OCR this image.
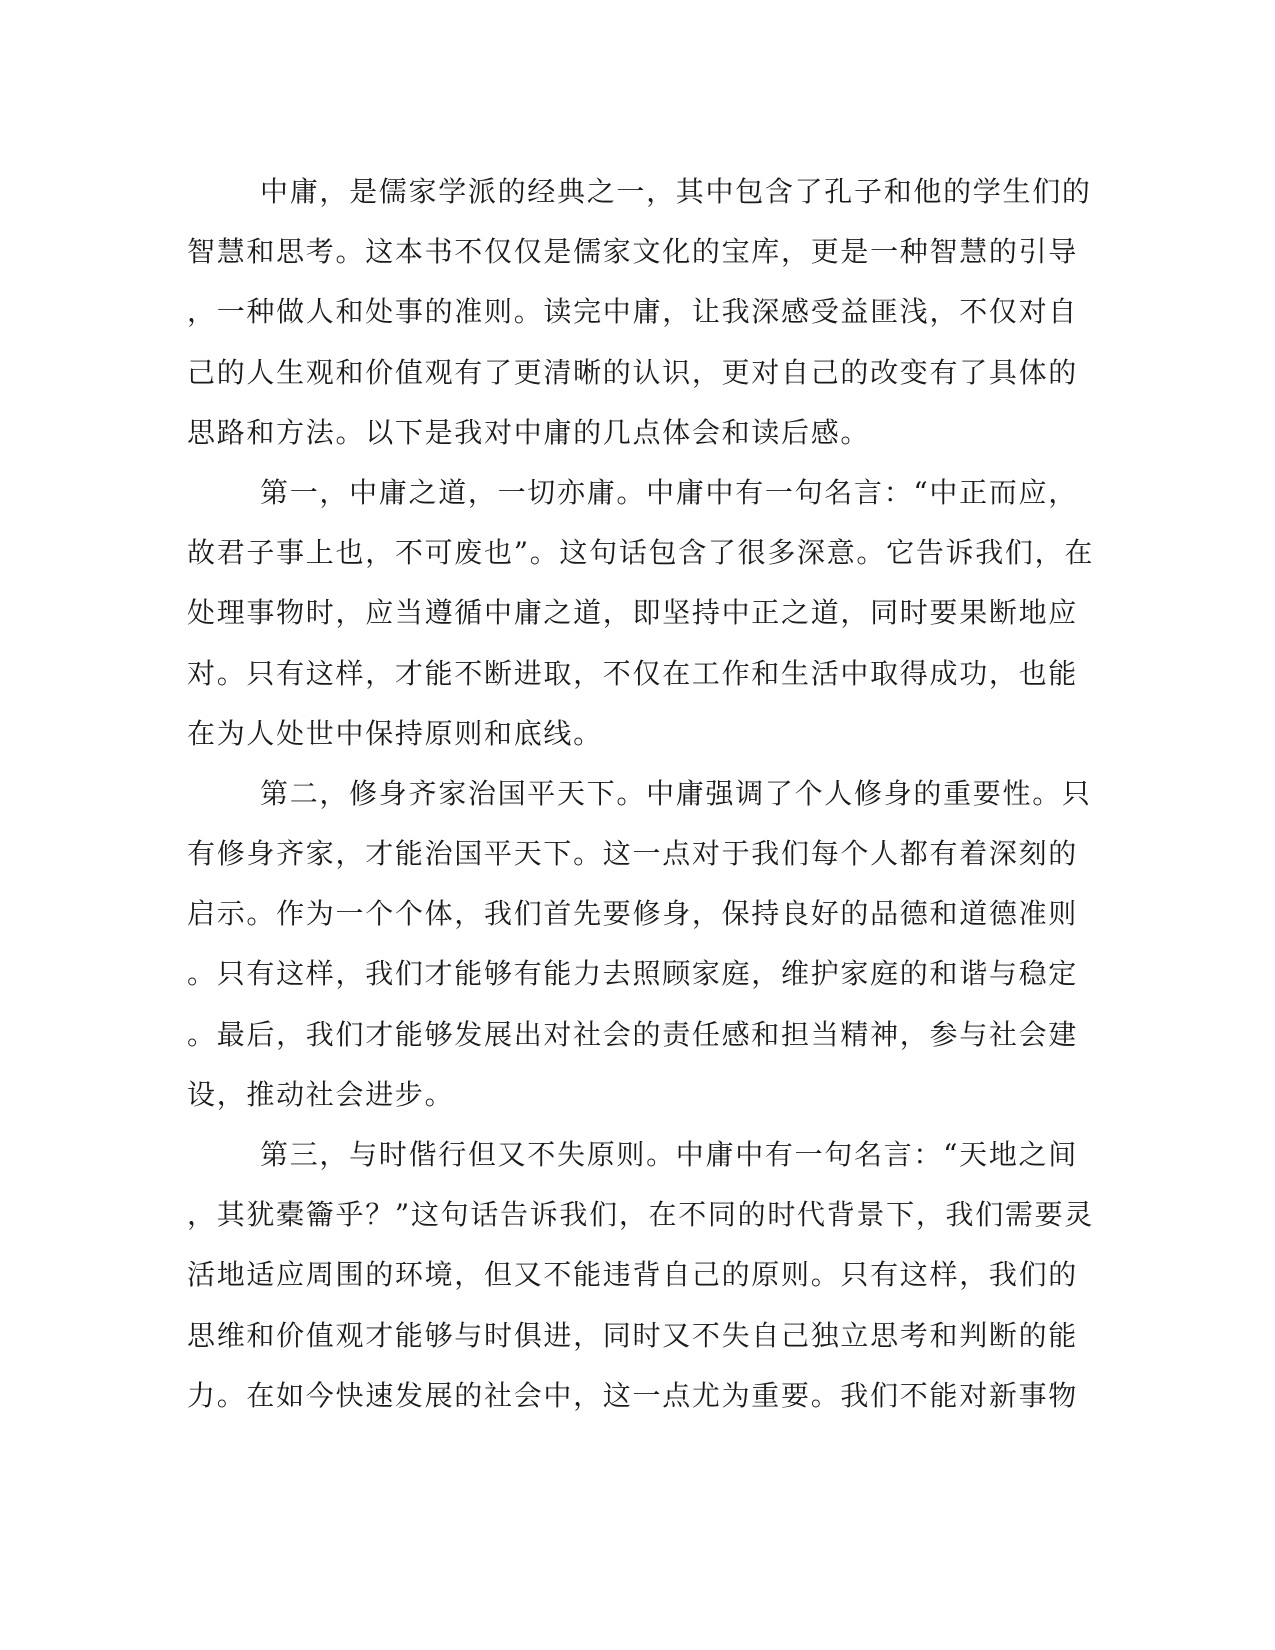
中庸，是儒家学派的经典之一，其中包含了孔子和他的学生们的
智慧和思考。这本书不仅仅是儒家文化的宝库，更是一种智慧的引导
，一种做人和处事的准则。读完中庸，让我深感受益匪浅，不仅对自
己的人生观和价值观有了更清晰的认识，更对自己的改变有了具体的
思路和方法。以下是我对中庸的几点体会和读后感。
第一，中庸之道，一切亦庸。中庸中有一句名言：“中正而应，
故君子事上也，不可废也”。这句话包含了很多深意。它告诉我们，在
处理事物时，应当遵循中庸之道，即坚持中正之道，同时要果断地应
对。只有这样，才能不断进取，不仅在工作和生活中取得成功，也能
在为人处世中保持原则和底线。
第二，修身齐家治国平天下。中庸强调了个人修身的重要性。只
有修身齐家，才能治国平天下。这一点对于我们每个人都有着深刻的
启示。作为一个个体，我们首先要修身，保持良好的品德和道德准则
。只有这样，我们才能够有能力去照顾家庭，维护家庭的和谐与稳定
。最后，我们才能够发展出对社会的责任感和担当精神，参与社会建
设，推动社会进步。
第三，与时偕行但又不失原则。中庸中有一句名言：“天地之间
，其犹橐籥乎？”这句话告诉我们，在不同的时代背景下，我们需要灵
活地适应周围的环境，但又不能违背自己的原则。只有这样，我们的
思维和价值观才能够与时俱进，同时又不失自己独立思考和判断的能
力。在如今快速发展的社会中，这一点尤为重要。我们不能对新事物
